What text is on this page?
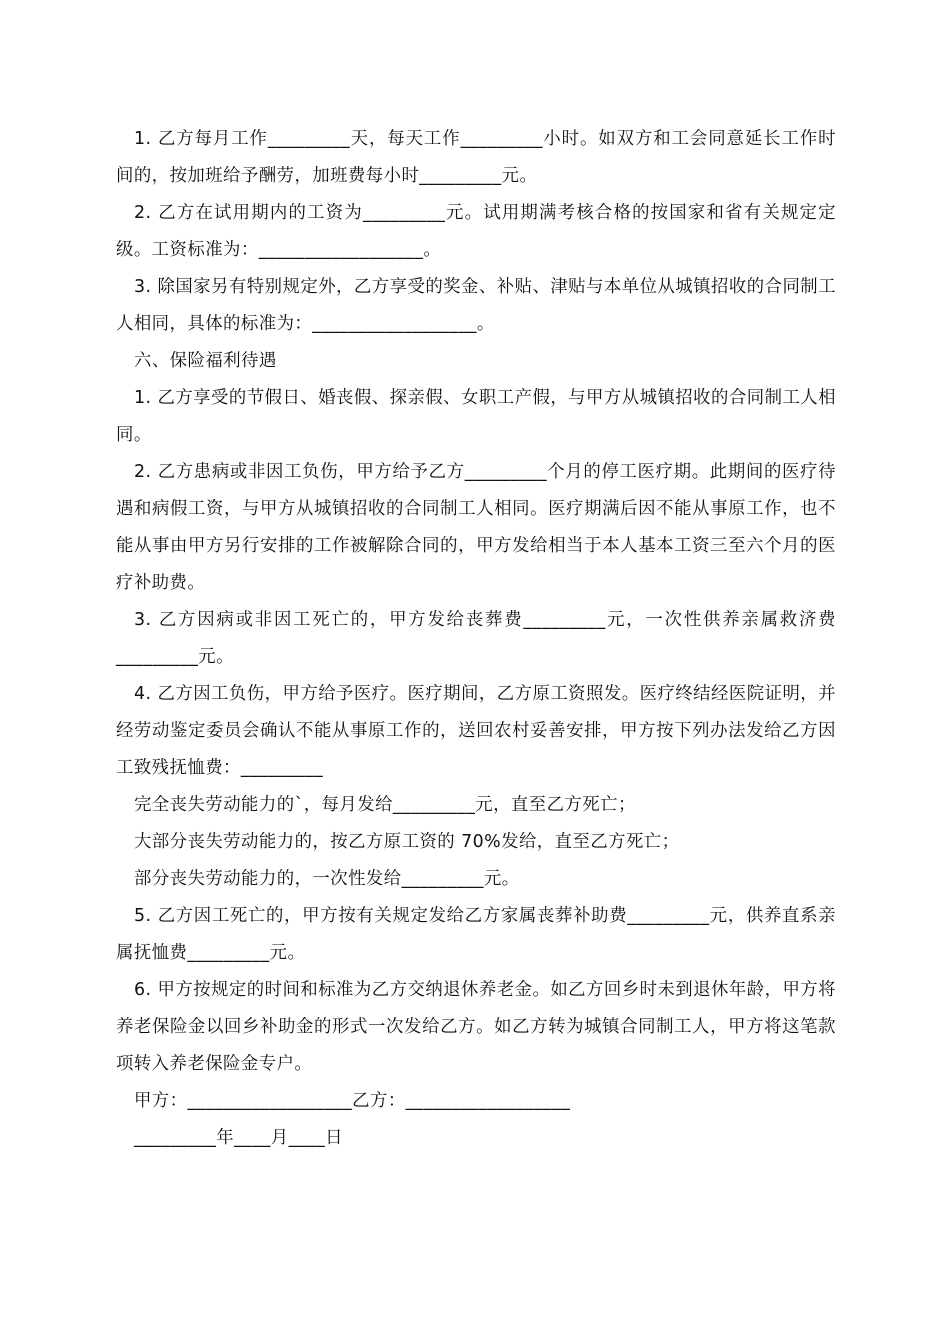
1. 乙方每月工作_________天，每天工作_________小时。如双方和工会同意延长工作时间的，按加班给予酬劳，加班费每小时_________元。

2. 乙方在试用期内的工资为_________元。试用期满考核合格的按国家和省有关规定定级。工资标准为：__________________。

3. 除国家另有特别规定外，乙方享受的奖金、补贴、津贴与本单位从城镇招收的合同制工人相同，具体的标准为：__________________。

六、保险福利待遇

1. 乙方享受的节假日、婚丧假、探亲假、女职工产假，与甲方从城镇招收的合同制工人相同。

2. 乙方患病或非因工负伤，甲方给予乙方_________个月的停工医疗期。此期间的医疗待遇和病假工资，与甲方从城镇招收的合同制工人相同。医疗期满后因不能从事原工作，也不能从事由甲方另行安排的工作被解除合同的，甲方发给相当于本人基本工资三至六个月的医疗补助费。

3. 乙方因病或非因工死亡的，甲方发给丧葬费_________元，一次性供养亲属救济费_________元。

4. 乙方因工负伤，甲方给予医疗。医疗期间，乙方原工资照发。医疗终结经医院证明，并经劳动鉴定委员会确认不能从事原工作的，送回农村妥善安排，甲方按下列办法发给乙方因工致残抚恤费：_________

完全丧失劳动能力的`，每月发给_________元，直至乙方死亡；

大部分丧失劳动能力的，按乙方原工资的 70%发给，直至乙方死亡；

部分丧失劳动能力的，一次性发给_________元。

5. 乙方因工死亡的，甲方按有关规定发给乙方家属丧葬补助费_________元，供养直系亲属抚恤费_________元。

6. 甲方按规定的时间和标准为乙方交纳退休养老金。如乙方回乡时未到退休年龄，甲方将养老保险金以回乡补助金的形式一次发给乙方。如乙方转为城镇合同制工人，甲方将这笔款项转入养老保险金专户。

甲方：__________________乙方：__________________

_________年____月____日
